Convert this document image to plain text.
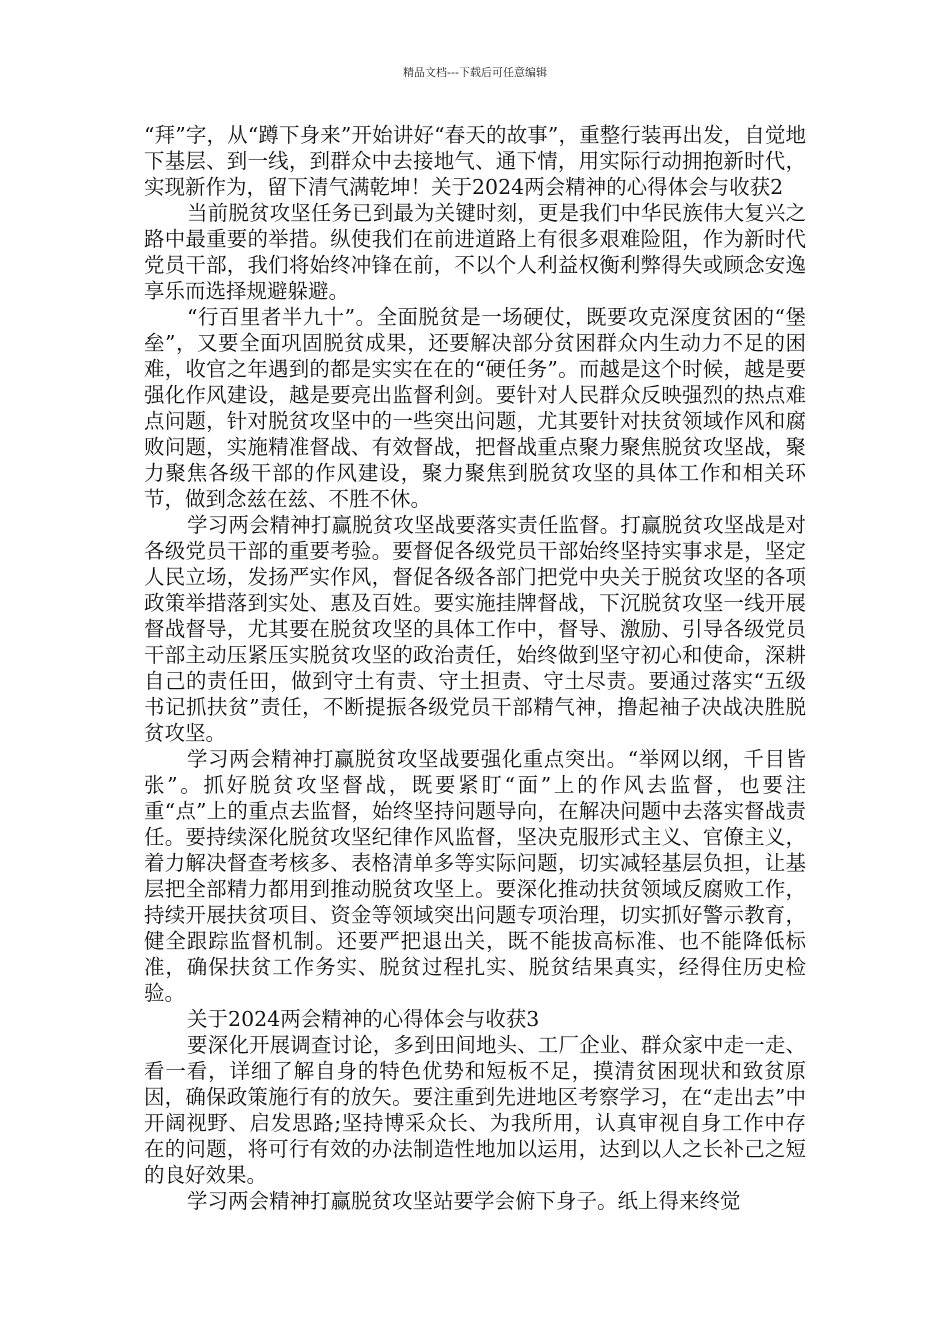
精品文档---下载后可任意编辑

“拜”字，从“蹲下身来”开始讲好“春天的故事”，重整行装再出发，自觉地下基层、到一线，到群众中去接地气、通下情，用实际行动拥抱新时代，实现新作为，留下清气满乾坤！关于2024两会精神的心得体会与收获2

当前脱贫攻坚任务已到最为关键时刻，更是我们中华民族伟大复兴之路中最重要的举措。纵使我们在前进道路上有很多艰难险阻，作为新时代党员干部，我们将始终冲锋在前，不以个人利益权衡利弊得失或顾念安逸享乐而选择规避躲避。

“行百里者半九十”。全面脱贫是一场硬仗，既要攻克深度贫困的“堡垒”，又要全面巩固脱贫成果，还要解决部分贫困群众内生动力不足的困难，收官之年遇到的都是实实在在的“硬任务”。而越是这个时候，越是要强化作风建设，越是要亮出监督利剑。要针对人民群众反映强烈的热点难点问题，针对脱贫攻坚中的一些突出问题，尤其要针对扶贫领域作风和腐败问题，实施精准督战、有效督战，把督战重点聚力聚焦脱贫攻坚战，聚力聚焦各级干部的作风建设，聚力聚焦到脱贫攻坚的具体工作和相关环节，做到念兹在兹、不胜不休。

学习两会精神打赢脱贫攻坚战要落实责任监督。打赢脱贫攻坚战是对各级党员干部的重要考验。要督促各级党员干部始终坚持实事求是，坚定人民立场，发扬严实作风，督促各级各部门把党中央关于脱贫攻坚的各项政策举措落到实处、惠及百姓。要实施挂牌督战，下沉脱贫攻坚一线开展督战督导，尤其要在脱贫攻坚的具体工作中，督导、激励、引导各级党员干部主动压紧压实脱贫攻坚的政治责任，始终做到坚守初心和使命，深耕自己的责任田，做到守土有责、守土担责、守土尽责。要通过落实“五级书记抓扶贫”责任，不断提振各级党员干部精气神，撸起袖子决战决胜脱贫攻坚。

学习两会精神打赢脱贫攻坚战要强化重点突出。“举网以纲，千目皆张”。抓好脱贫攻坚督战，既要紧盯“面”上的作风去监督，也要注重“点”上的重点去监督，始终坚持问题导向，在解决问题中去落实督战责任。要持续深化脱贫攻坚纪律作风监督，坚决克服形式主义、官僚主义，着力解决督查考核多、表格清单多等实际问题，切实减轻基层负担，让基层把全部精力都用到推动脱贫攻坚上。要深化推动扶贫领域反腐败工作，持续开展扶贫项目、资金等领域突出问题专项治理，切实抓好警示教育，健全跟踪监督机制。还要严把退出关，既不能拔高标准、也不能降低标准，确保扶贫工作务实、脱贫过程扎实、脱贫结果真实，经得住历史检验。

关于2024两会精神的心得体会与收获3

要深化开展调查讨论，多到田间地头、工厂企业、群众家中走一走、看一看，详细了解自身的特色优势和短板不足，摸清贫困现状和致贫原因，确保政策施行有的放矢。要注重到先进地区考察学习，在“走出去”中开阔视野、启发思路;坚持博采众长、为我所用，认真审视自身工作中存在的问题，将可行有效的办法制造性地加以运用，达到以人之长补己之短的良好效果。

学习两会精神打赢脱贫攻坚站要学会俯下身子。纸上得来终觉
